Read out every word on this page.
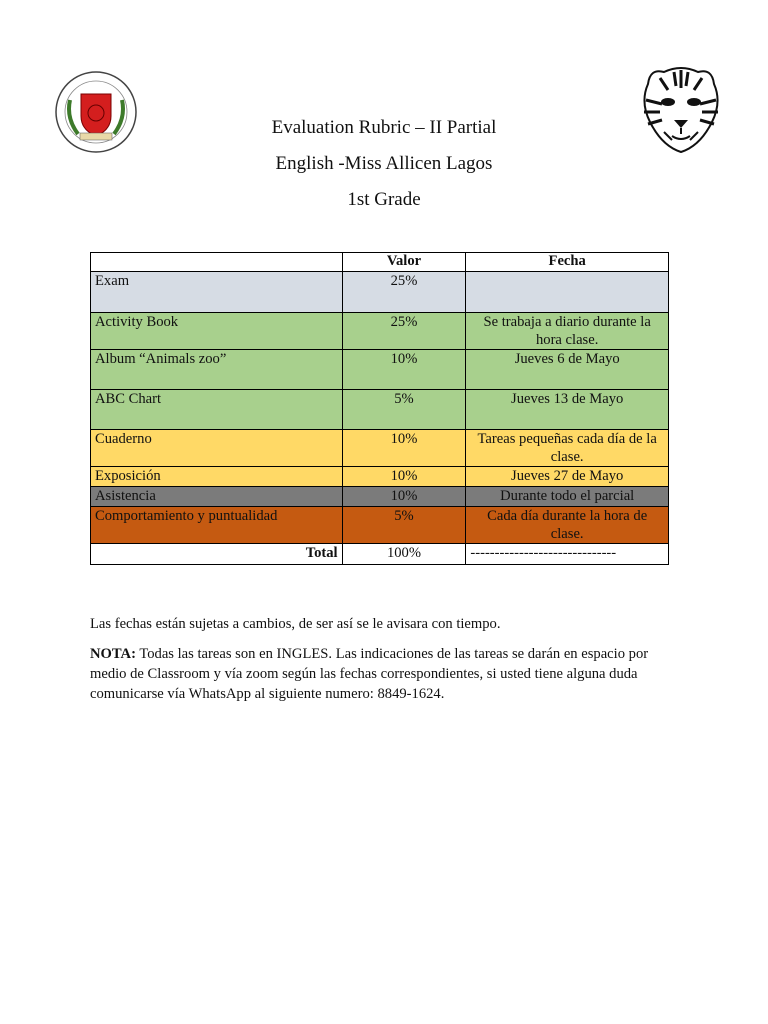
Evaluation Rubric – II Partial
English -Miss Allicen Lagos
1st Grade
	Valor	Fecha
Exam	25%	
Activity Book	25%	Se trabaja a diario durante la hora clase.
Album “Animals zoo”	10%	Jueves 6 de Mayo
ABC Chart	5%	Jueves 13 de Mayo
Cuaderno	10%	Tareas pequeñas cada día de la clase.
Exposición	10%	Jueves 27 de Mayo
Asistencia	10%	Durante todo el parcial
Comportamiento y puntualidad	5%	Cada día durante la hora de clase.
Total	100%	------------------------------

Las fechas están sujetas a cambios, de ser así se le avisara con tiempo.

NOTA: Todas las tareas son en INGLES. Las indicaciones de las tareas se darán en espacio por medio de Classroom y vía zoom según las fechas correspondientes, si usted tiene alguna duda comunicarse vía WhatsApp al siguiente numero: 8849-1624.
